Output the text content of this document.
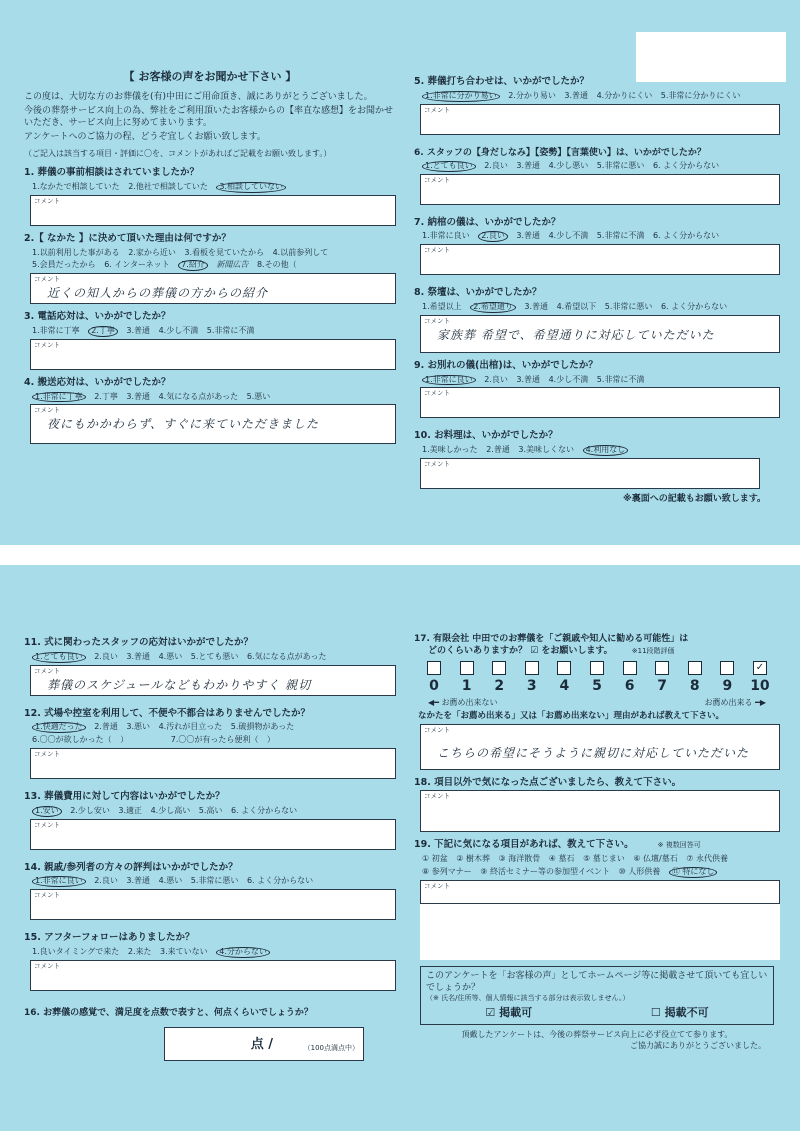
【 お客様の声をお聞かせ下さい 】
この度は、大切な方のお葬儀を(有)中田にご用命頂き、誠にありがとうございました。
今後の葬祭サービス向上の為、弊社をご利用頂いたお客様からの【率直な感想】をお聞かせいただき、サービス向上に努めてまいります。
アンケートへのご協力の程、どうぞ宜しくお願い致します。
（ご記入は該当する項目・評価に〇を、コメントがあればご記載をお願い致します。）
1. 葬儀の事前相談はされていましたか？
1.なかたで相談していた 2.他社で相談していた 3.相談していない
コメント
2.【 なかた 】に決めて頂いた理由は何ですか？
1.以前利用した事がある 2.家から近い 3.看板を見ていたから 4.以前参列して
5.会員だったから 6. インターネット 7.紹介 新聞広告 8.その他（
コメント
近くの知人からの葬儀の方からの紹介
3. 電話応対は、いかがでしたか？
1.非常に丁寧 2.丁寧 3.普通 4.少し不満 5.非常に不満
コメント
4. 搬送応対は、いかがでしたか？
1.非常に丁寧 2.丁寧 3.普通 4.気になる点があった 5.悪い
コメント
夜にもかかわらず、すぐに来ていただきました
5. 葬儀打ち合わせは、いかがでしたか？
1.非常に分かり易い 2.分かり易い 3.普通 4.分かりにくい 5.非常に分かりにくい
コメント
6. スタッフの【身だしなみ】【姿勢】【言葉使い】は、いかがでしたか？
1.とても良い 2.良い 3.普通 4.少し悪い 5.非常に悪い 6. よく分からない
コメント
7. 納棺の儀は、いかがでしたか？
1.非常に良い 2.良い 3.普通 4.少し不満 5.非常に不満 6. よく分からない
コメント
8. 祭壇は、いかがでしたか？
1.希望以上 2.希望通り 3.普通 4.希望以下 5.非常に悪い 6. よく分からない
コメント
家族葬 希望で、希望通りに対応していただいた
9. お別れの儀(出棺)は、いかがでしたか？
1.非常に良い 2.良い 3.普通 4.少し不満 5.非常に不満
コメント
10. お料理は、いかがでしたか？
1.美味しかった 2.普通 3.美味しくない 4.利用なし
コメント
※裏面への記載もお願い致します。
11. 式に関わったスタッフの応対はいかがでしたか？
1.とても良い 2.良い 3.普通 4.悪い 5.とても悪い 6.気になる点があった
コメント
葬儀のスケジュールなどもわかりやすく 親切
12. 式場や控室を利用して、不便や不都合はありませんでしたか？
1.快適だった 2.普通 3.悪い 4.汚れが目立った 5.破損物があった
6.〇〇が欲しかった（ ）	7.〇〇が有ったら便利（ ）
コメント
13. 葬儀費用に対して内容はいかがでしたか？
1.安い 2.少し安い 3.適正 4.少し高い 5.高い 6. よく分からない
コメント
14. 親戚/参列者の方々の評判はいかがでしたか？
1.非常に良い 2.良い 3.普通 4.悪い 5.非常に悪い 6. よく分からない
コメント
15. アフターフォローはありましたか？
1.良いタイミングで来た 2.来た 3.来ていない 4.分からない
コメント
16. お葬儀の感覚で、満足度を点数で表すと、何点くらいでしょうか？
点 /	（100点満点中）
17. 有限会社 中田でのお葬儀を「ご親戚や知人に勧める可能性」は
どのくらいありますか？ ☑ をお願いします。	※11段階評価
0 1 2 3 4 5 6 7 8 9
✓
10
◀━ お薦め出来ない	お薦め出来る ━▶
なかたを「お薦め出来る」又は「お薦め出来ない」理由があれば教えて下さい。
コメント
こちらの希望にそうように親切に対応していただいた
18. 項目以外で気になった点ございましたら、教えて下さい。
コメント
19. 下記に気になる項目があれば、教えて下さい。	※ 複数回答可
① 初盆 ② 樹木葬 ③ 海洋散骨 ④ 墓石 ⑤ 墓じまい ⑥ 仏壇/墓石 ⑦ 永代供養
⑧ 参列マナー ⑨ 終活セミナー等の参加型イベント ⑩ 人形供養 ⑪ 特になし
コメント
このアンケートを「お客様の声」としてホームページ等に掲載させて頂いても宜しいでしょうか？
（※ 氏名/住所等、個人情報に該当する部分は表示致しません。）
☑ 掲載可	☐ 掲載不可
頂戴したアンケートは、今後の葬祭サービス向上に必ず役立てて参ります。
ご協力誠にありがとうございました。
